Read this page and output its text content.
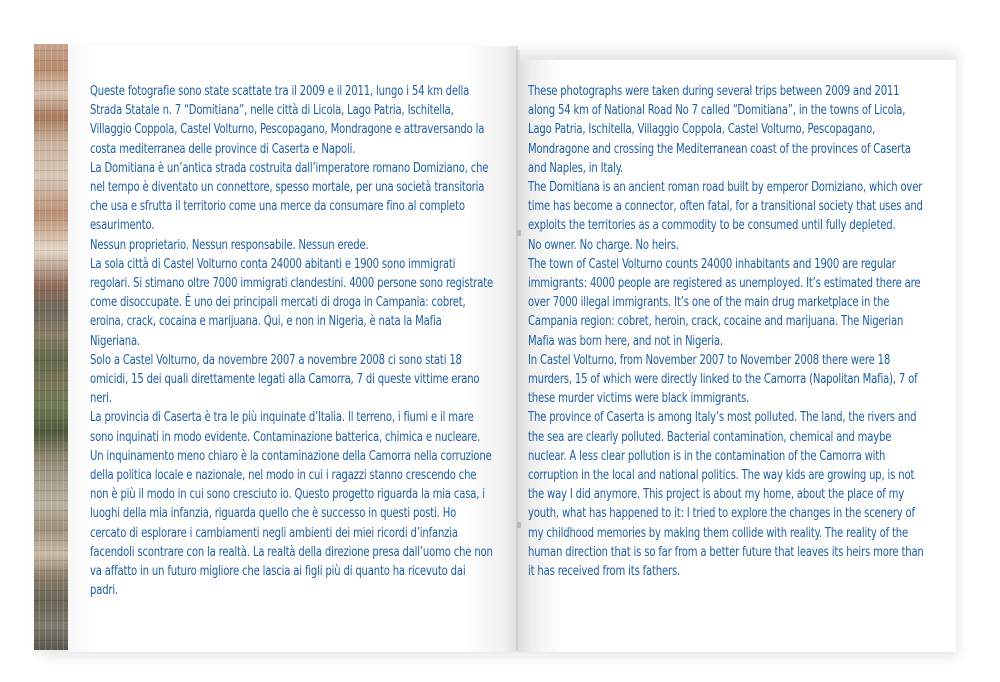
Queste fotografie sono state scattate tra il 2009 e il 2011, lungo i 54 km della Strada Statale n. 7 “Domitiana”, nelle città di Licola, Lago Patria, Ischitella, Villaggio Coppola, Castel Volturno, Pescopagano, Mondragone e attraversando la costa mediterranea delle province di Caserta e Napoli.

La Domitiana è un’antica strada costruita dall’imperatore romano Domiziano, che nel tempo è diventato un connettore, spesso mortale, per una società transitoria che usa e sfrutta il territorio come una merce da consumare fino al completo esaurimento.

Nessun proprietario. Nessun responsabile. Nessun erede.

La sola città di Castel Volturno conta 24000 abitanti e 1900 sono immigrati regolari. Si stimano oltre 7000 immigrati clandestini. 4000 persone sono registrate come disoccupate. È uno dei principali mercati di droga in Campania: cobret, eroina, crack, cocaina e marijuana. Qui, e non in Nigeria, è nata la Mafia Nigeriana.

Solo a Castel Volturno, da novembre 2007 a novembre 2008 ci sono stati 18 omicidi, 15 dei quali direttamente legati alla Camorra, 7 di queste vittime erano neri.

La provincia di Caserta è tra le più inquinate d’Italia. Il terreno, i fiumi e il mare sono inquinati in modo evidente. Contaminazione batterica, chimica e nucleare. Un inquinamento meno chiaro è la contaminazione della Camorra nella corruzione della politica locale e nazionale, nel modo in cui i ragazzi stanno crescendo che non è più il modo in cui sono cresciuto io. Questo progetto riguarda la mia casa, i luoghi della mia infanzia, riguarda quello che è successo in questi posti. Ho cercato di esplorare i cambiamenti negli ambienti dei miei ricordi d’infanzia facendoli scontrare con la realtà. La realtà della direzione presa dall’uomo che non va affatto in un futuro migliore che lascia ai figli più di quanto ha ricevuto dai padri.

These photographs were taken during several trips between 2009 and 2011 along 54 km of National Road No 7 called “Domitiana”, in the towns of Licola, Lago Patria, Ischitella, Villaggio Coppola, Castel Volturno, Pescopagano, Mondragone and crossing the Mediterranean coast of the provinces of Caserta and Naples, in Italy.

The Domitiana is an ancient roman road built by emperor Domiziano, which over time has become a connector, often fatal, for a transitional society that uses and exploits the territories as a commodity to be consumed until fully depleted.

No owner. No charge. No heirs.

The town of Castel Volturno counts 24000 inhabitants and 1900 are regular immigrants: 4000 people are registered as unemployed. It’s estimated there are over 7000 illegal immigrants. It’s one of the main drug marketplace in the Campania region: cobret, heroin, crack, cocaine and marijuana. The Nigerian Mafia was born here, and not in Nigeria.

In Castel Volturno, from November 2007 to November 2008 there were 18 murders, 15 of which were directly linked to the Camorra (Napolitan Mafia), 7 of these murder victims were black immigrants.

The province of Caserta is among Italy’s most polluted. The land, the rivers and the sea are clearly polluted. Bacterial contamination, chemical and maybe nuclear. A less clear pollution is in the contamination of the Camorra with corruption in the local and national politics. The way kids are growing up, is not the way I did anymore. This project is about my home, about the place of my youth, what has happened to it: I tried to explore the changes in the scenery of my childhood memories by making them collide with reality. The reality of the human direction that is so far from a better future that leaves its heirs more than it has received from its fathers.
